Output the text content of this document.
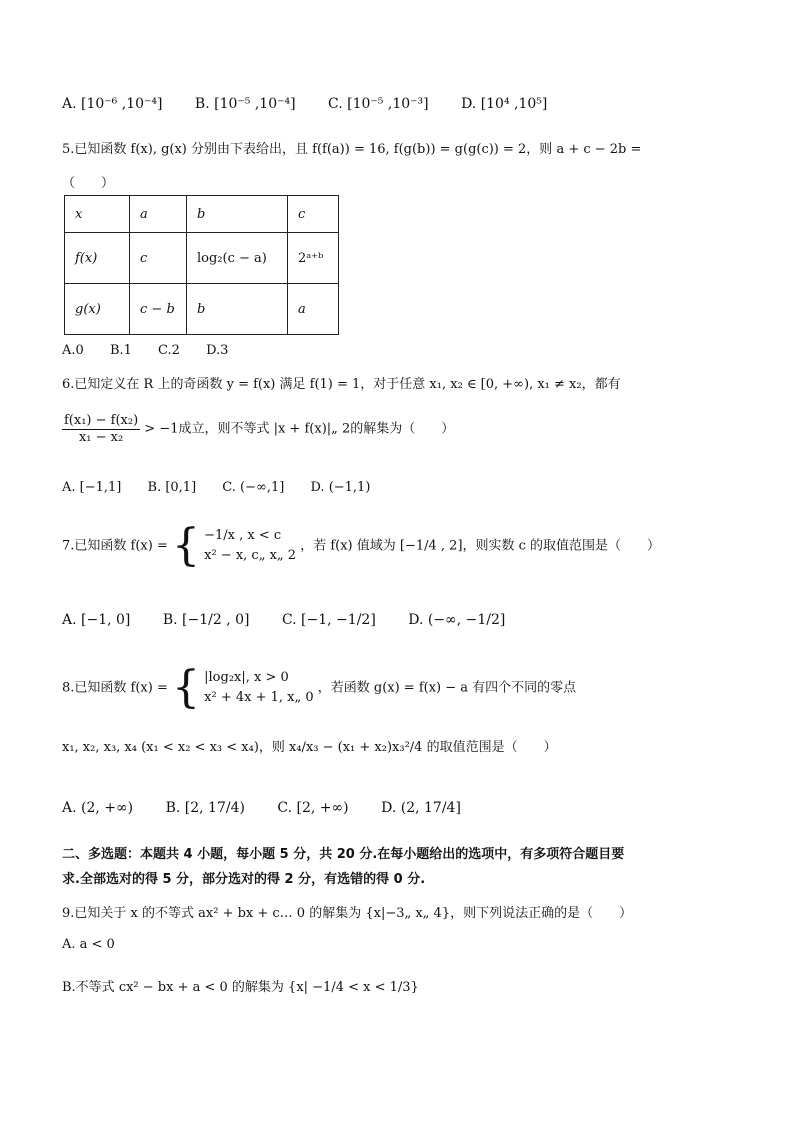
A. [10⁻⁶ ,10⁻⁴] B. [10⁻⁵ ,10⁻⁴] C. [10⁻⁵ ,10⁻³] D. [10⁴ ,10⁵]
5.已知函数 f(x), g(x) 分别由下表给出，且 f(f(a)) = 16, f(g(b)) = g(g(c)) = 2，则 a + c − 2b =
（　　）
x	a	b	c
f(x)	c	log₂(c − a)	2ᵃ⁺ᵇ
g(x)	c − b	b	a
A.0 B.1 C.2 D.3
6.已知定义在 R 上的奇函数 y = f(x) 满足 f(1) = 1，对于任意 x₁, x₂ ∈ [0, +∞), x₁ ≠ x₂，都有
$\frac{\text{f(x₁) − f(x₂)}}{\text{x₁ − x₂}} > -1$成立，则不等式 |x + f(x)|„ 2的解集为（　　）
A. [−1,1] B. [0,1] C. (−∞,1] D. (−1,1)
7.已知函数 f(x) = { −1/x , x < c
x² − x, c„ x„ 2
，若 f(x) 值域为 [−1/4 , 2]，则实数 c 的取值范围是（　　）
A. [−1, 0] B. [−1/2 , 0] C. [−1, −1/2] D. (−∞, −1/2]
8.已知函数 f(x) = { |log₂x|, x > 0
x² + 4x + 1, x„ 0
，若函数 g(x) = f(x) − a 有四个不同的零点
x₁, x₂, x₃, x₄ (x₁ < x₂ < x₃ < x₄)，则 x₄/x₃ − (x₁ + x₂)x₃²/4 的取值范围是（　　）
A. (2, +∞) B. [2, 17/4) C. [2, +∞) D. (2, 17/4]
二、多选题：本题共 4 小题，每小题 5 分，共 20 分.在每小题给出的选项中，有多项符合题目要
求.全部选对的得 5 分，部分选对的得 2 分，有选错的得 0 分.
9.已知关于 x 的不等式 ax² + bx + c… 0 的解集为 {x|−3„ x„ 4}，则下列说法正确的是（　　）
A. a < 0
B.不等式 cx² − bx + a < 0 的解集为 {x| −1/4 < x < 1/3}
